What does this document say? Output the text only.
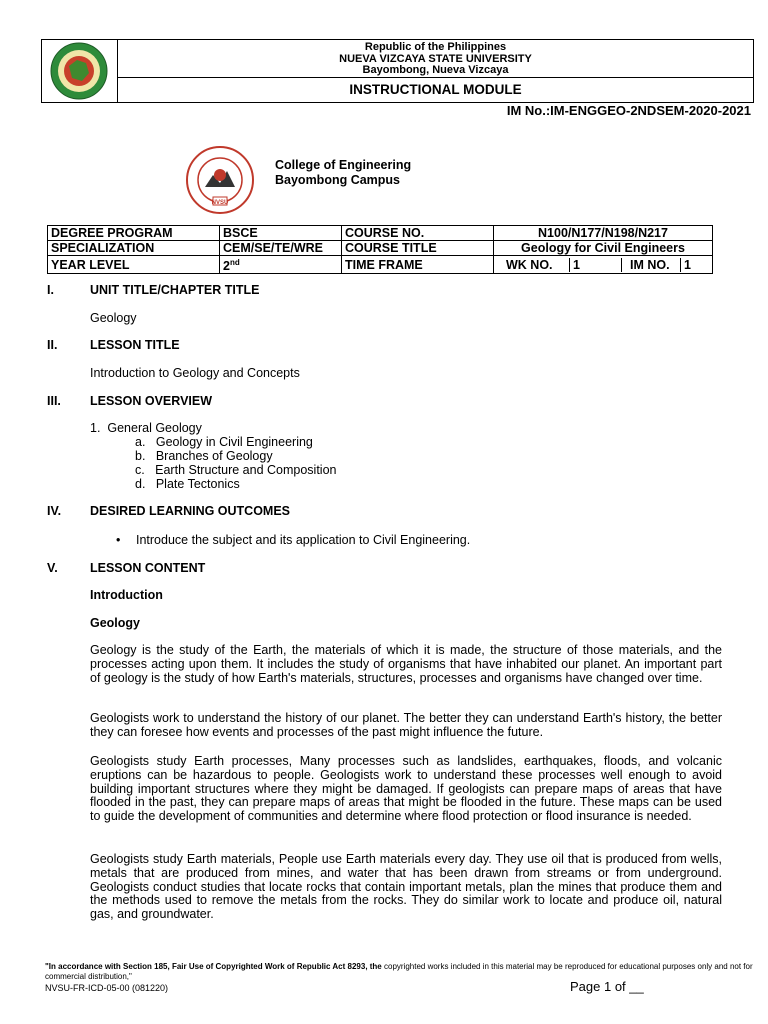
Republic of the Philippines
NUEVA VIZCAYA STATE UNIVERSITY
Bayombong, Nueva Vizcaya
INSTRUCTIONAL MODULE
IM No.:IM-ENGGEO-2NDSEM-2020-2021
NVSU
College of Engineering
Bayombong Campus
DEGREE PROGRAM	BSCE	COURSE NO.	N100/N177/N198/N217
SPECIALIZATION	CEM/SE/TE/WRE	COURSE TITLE	Geology for Civil Engineers
YEAR LEVEL	2nd	TIME FRAME	WK NO. 1 IM NO. 1
I.	UNIT TITLE/CHAPTER TITLE
Geology
II.	LESSON TITLE
Introduction to Geology and Concepts
III. LESSON OVERVIEW
1.  General Geology
a.   Geology in Civil Engineering
b.   Branches of Geology
c.   Earth Structure and Composition
d.   Plate Tectonics
IV. DESIRED LEARNING OUTCOMES
• Introduce the subject and its application to Civil Engineering.
V.	LESSON CONTENT
Introduction
Geology
Geology is the study of the Earth, the materials of which it is made, the structure of those materials, and the processes acting upon them. It includes the study of organisms that have inhabited our planet. An important part of geology is the study of how Earth's materials, structures, processes and organisms have changed over time.
Geologists work to understand the history of our planet. The better they can understand Earth's history, the better they can foresee how events and processes of the past might influence the future.
Geologists study Earth processes, Many processes such as landslides, earthquakes, floods, and volcanic eruptions can be hazardous to people. Geologists work to understand these processes well enough to avoid building important structures where they might be damaged. If geologists can prepare maps of areas that have flooded in the past, they can prepare maps of areas that might be flooded in the future. These maps can be used to guide the development of communities and determine where flood protection or flood insurance is needed.
Geologists study Earth materials, People use Earth materials every day. They use oil that is produced from wells, metals that are produced from mines, and water that has been drawn from streams or from underground. Geologists conduct studies that locate rocks that contain important metals, plan the mines that produce them and the methods used to remove the metals from the rocks. They do similar work to locate and produce oil, natural gas, and groundwater.
"In accordance with Section 185, Fair Use of Copyrighted Work of Republic Act 8293, the copyrighted works included in this material may be reproduced for educational purposes only and not for commercial distribution,"
NVSU-FR-ICD-05-00 (081220)	Page 1 of __
